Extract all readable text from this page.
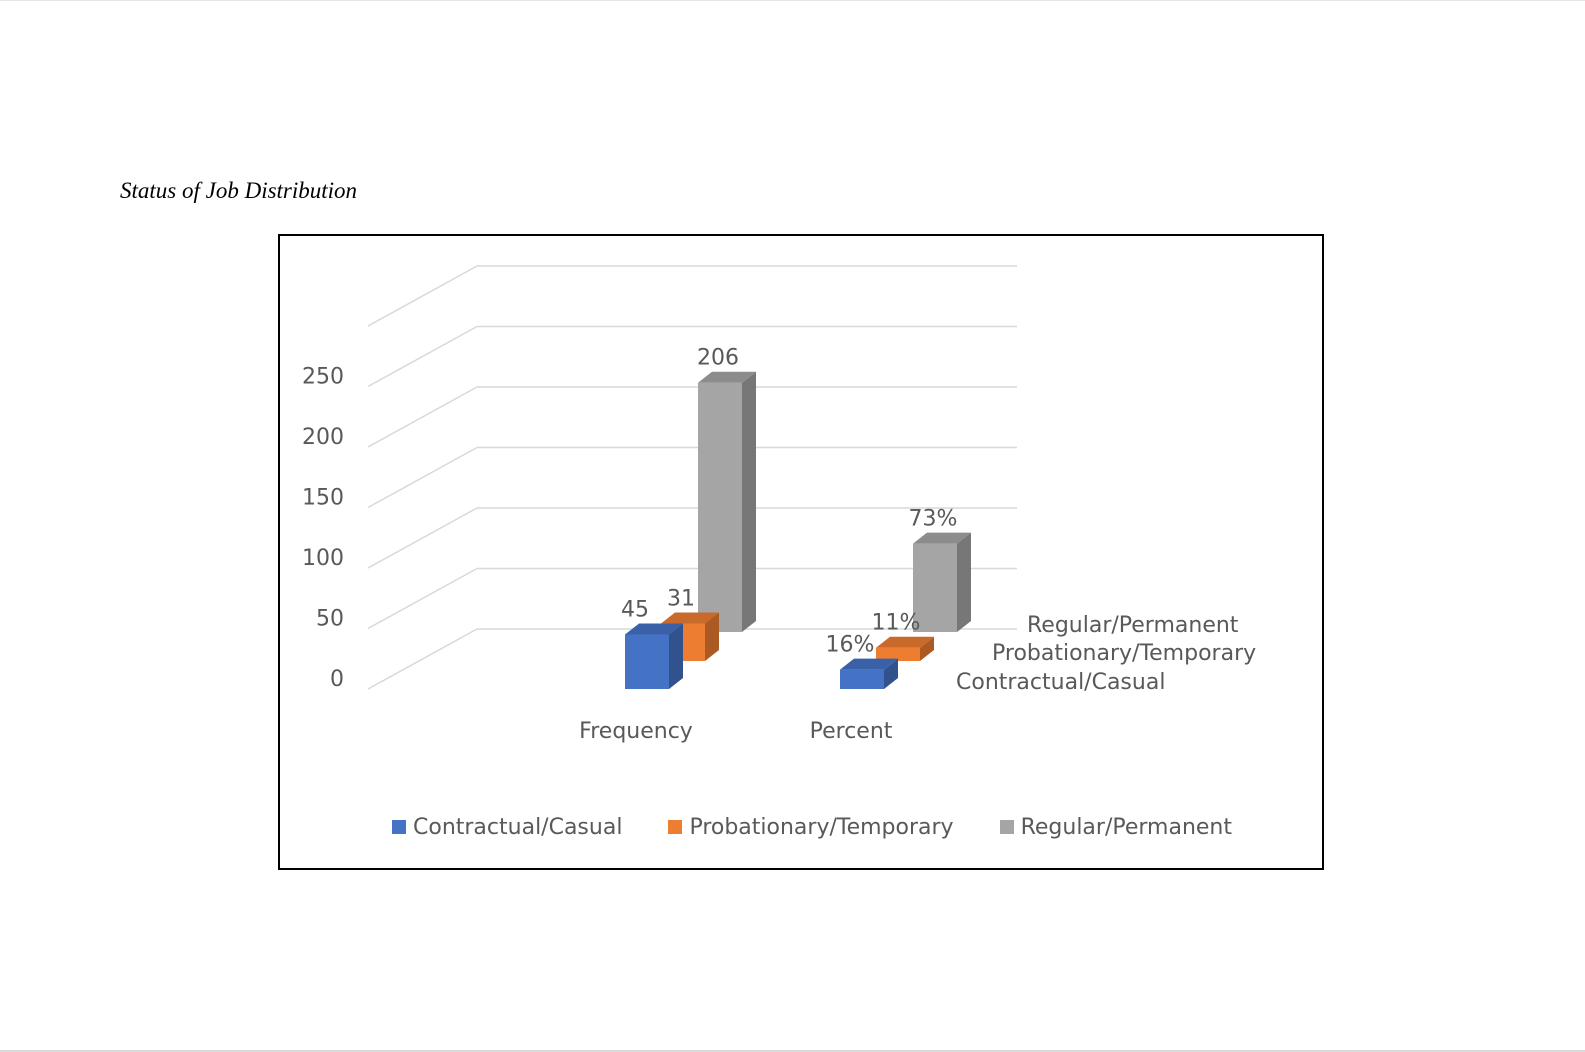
Status of Job Distribution
0
50
100
150
200
250
Frequency	Percent
206
73%
31
11%
45
16%
Contractual/Casual
Probationary/Temporary
Regular/Permanent
Contractual/Casual	Probationary/Temporary	Regular/Permanent
